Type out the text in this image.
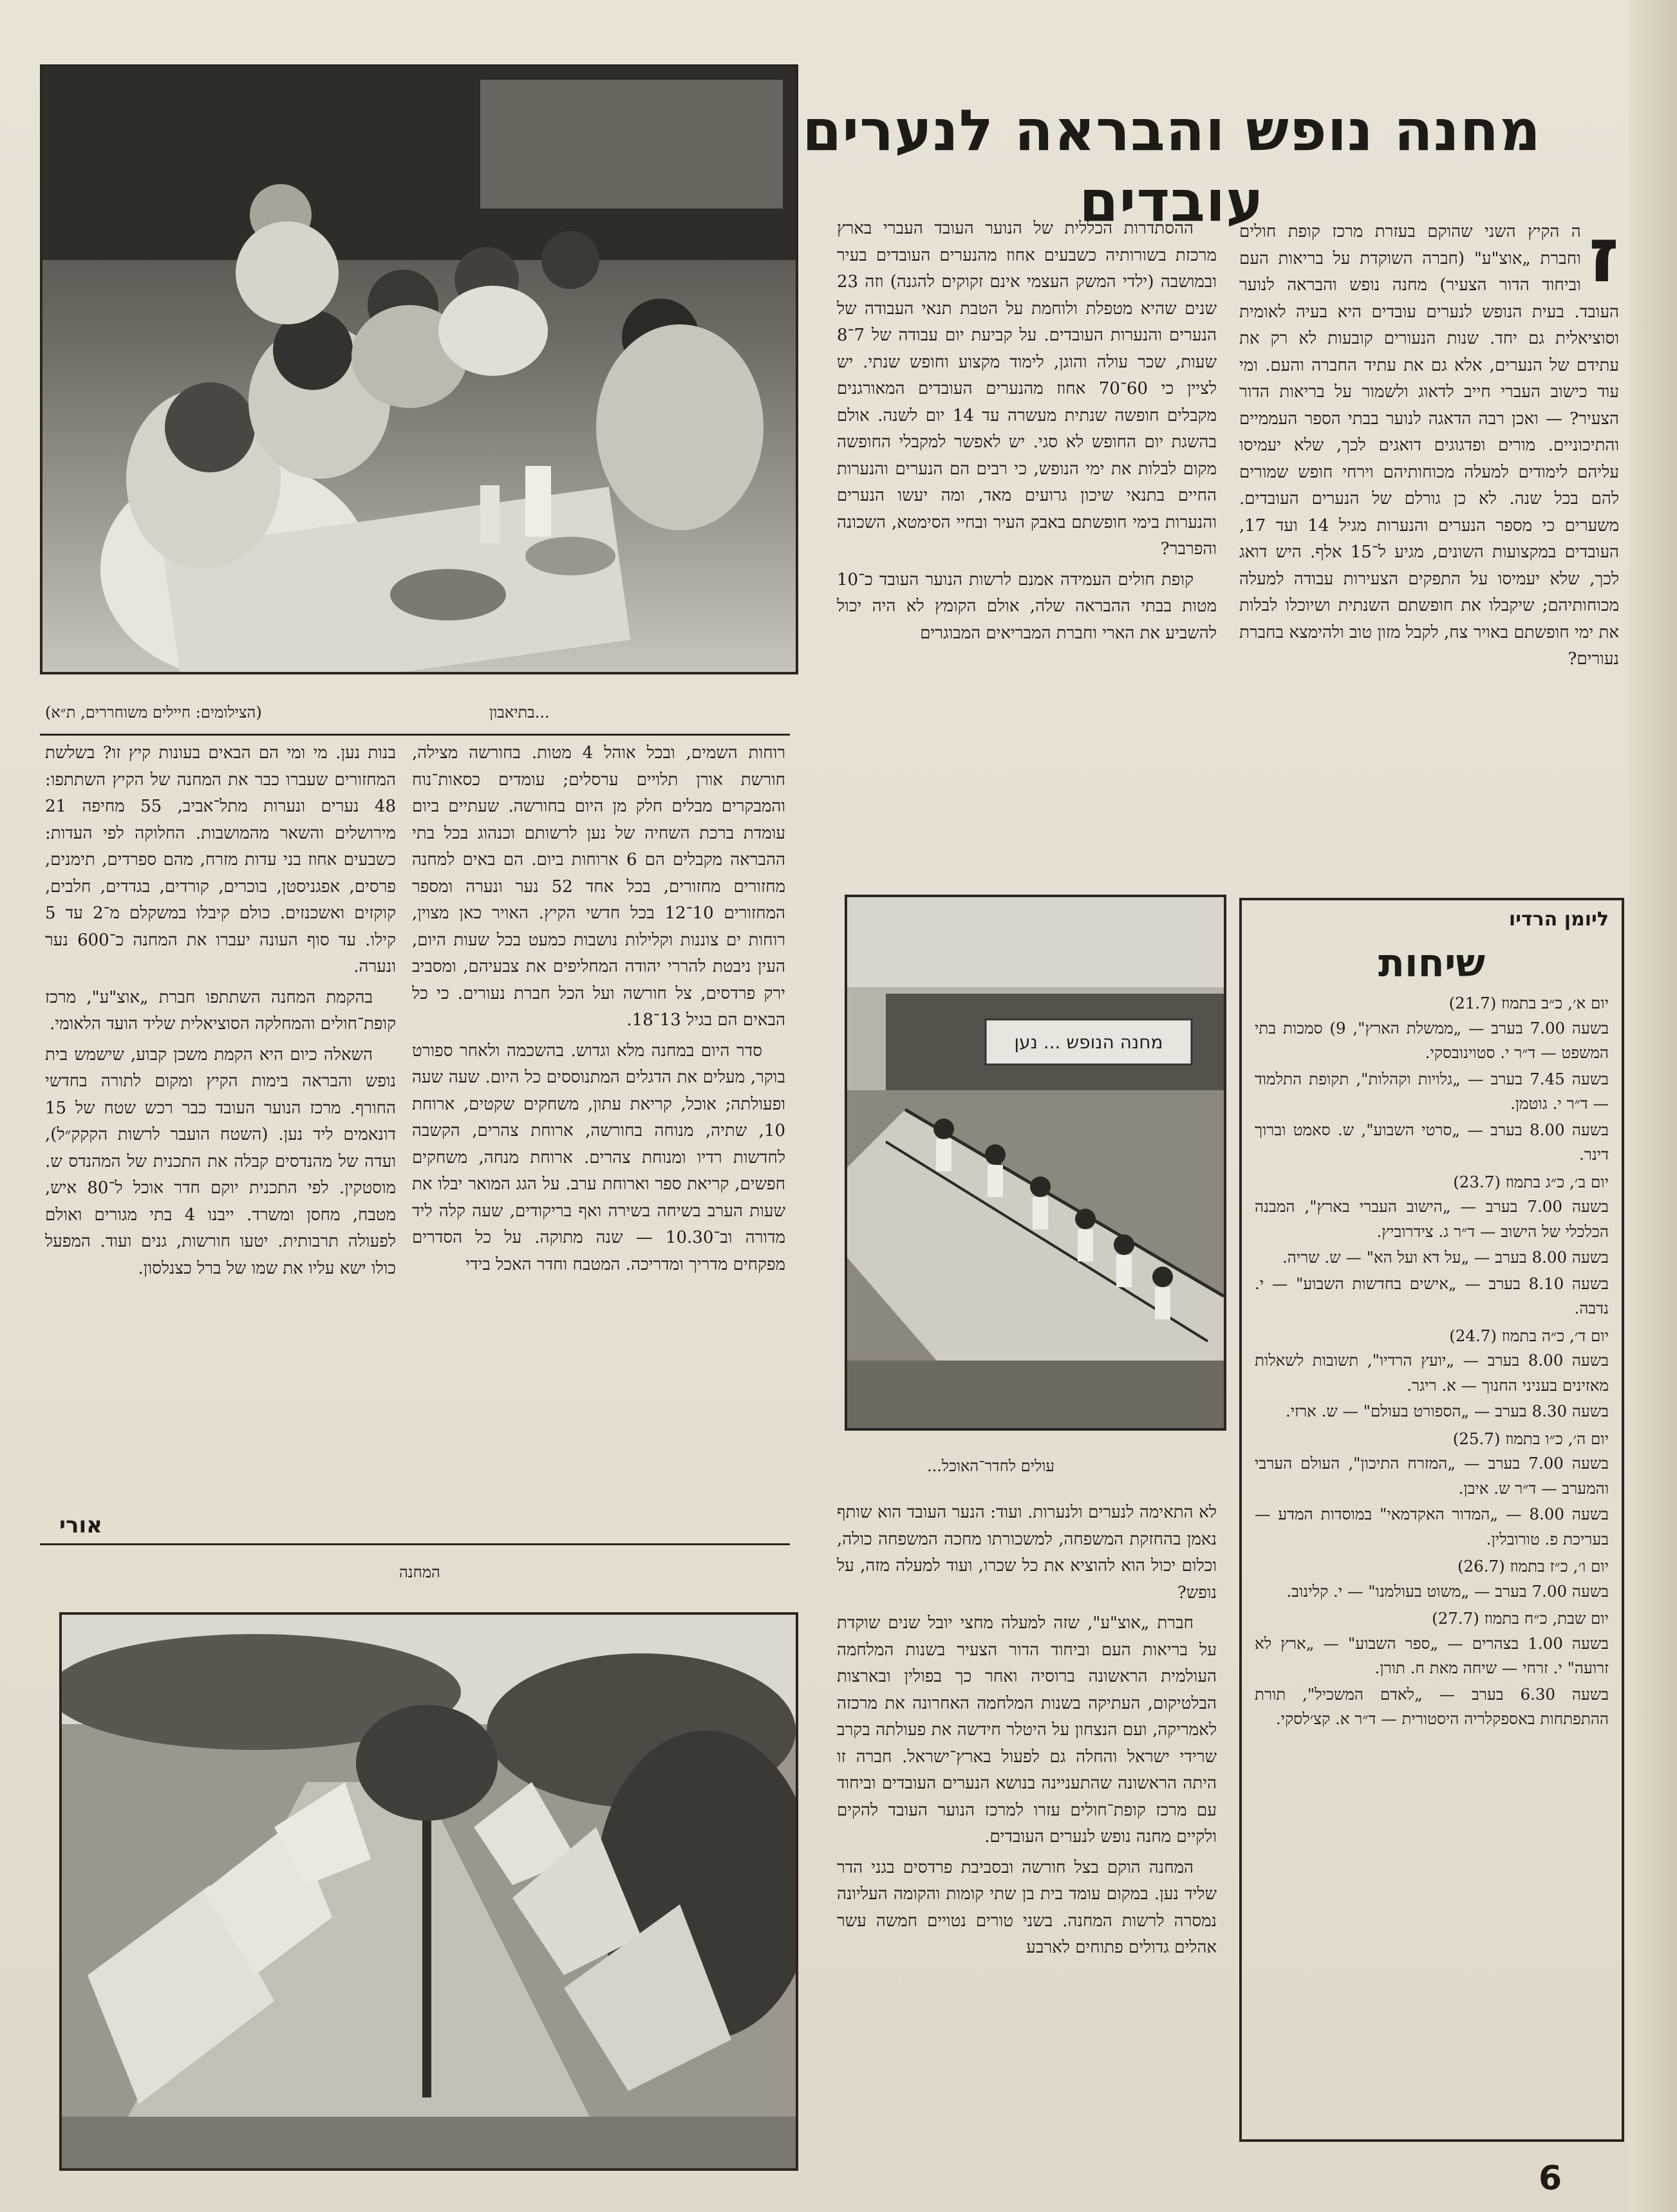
...בתיאבון
(הצילומים: חיילים משוחררים, ת״א)
מחנה נופש והבראה לנערים
עובדים
ז

ה הקיץ השני שהוקם בעזרת מרכז קופת חולים וחברת „אוצ"ע" (חברה השוקדת על בריאות העם וביחוד הדור הצעיר) מחנה נופש והבראה לנוער העובד. בעית הנופש לנערים עובדים היא בעיה לאומית וסוציאלית גם יחד. שנות הנעורים קובעות לא רק את עתידם של הנערים, אלא גם את עתיד החברה והעם. ומי עוד כישוב העברי חייב לדאוג ולשמור על בריאות הדור הצעיר? — ואכן רבה הדאגה לנוער בבתי הספר העממיים והתיכוניים. מורים ופדגוגים דואגים לכך, שלא יעמיסו עליהם לימודים למעלה מכוחותיהם וירחי חופש שמורים להם בכל שנה. לא כן גורלם של הנערים העובדים. משערים כי מספר הנערים והנערות מגיל 14 ועד 17, העובדים במקצועות השונים, מגיע ל־15 אלף. היש דואג לכך, שלא יעמיסו על התפקים הצעירות עבודה למעלה מכוחותיהם; שיקבלו את חופשתם השנתית ושיוכלו לבלות את ימי חופשתם באויר צח, לקבל מזון טוב ולהימצא בחברת נעורים?

ההסתדרות הכללית של הנוער העובד העברי בארץ מרכזת בשורותיה כשבעים אחוז מהנערים העובדים בעיר ובמושבה (ילדי המשק העצמי אינם זקוקים להגנה) וזה 23 שנים שהיא מטפלת ולוחמת על הטבת תנאי העבודה של הנערים והנערות העובדים. על קביעת יום עבודה של 7־8 שעות, שכר עולה והוגן, לימוד מקצוע וחופש שנתי. יש לציין כי 60־70 אחוז מהנערים העובדים המאורגנים מקבלים חופשה שנתית מעשרה עד 14 יום לשנה. אולם בהשגת יום החופש לא סגי. יש לאפשר למקבלי החופשה מקום לבלות את ימי הנופש, כי רבים הם הנערים והנערות החיים בתנאי שיכון גרועים מאד, ומה יעשו הנערים והנערות בימי חופשתם באבק העיר ובחיי הסימטא, השכונה והפרבר?

קופת חולים העמידה אמנם לרשות הנוער העובד כ־10 מטות בבתי ההבראה שלה, אולם הקומץ לא היה יכול להשביע את הארי וחברת המבריאים המבוגרים

מחנה הנופש ... נען
עולים לחדר־האוכל...

לא התאימה לנערים ולנערות. ועוד: הנער העובד הוא שותף נאמן בהחזקת המשפחה, למשכורתו מחכה המשפחה כולה, וכלום יכול הוא להוציא את כל שכרו, ועוד למעלה מזה, על נופש?

חברת „אוצ"ע", שזה למעלה מחצי יובל שנים שוקדת על בריאות העם וביחוד הדור הצעיר בשנות המלחמה העולמית הראשונה ברוסיה ואחר כך בפולין ובארצות הבלטיקום, העתיקה בשנות המלחמה האחרונה את מרכזה לאמריקה, ועם הנצחון על היטלר חידשה את פעולתה בקרב שרידי ישראל והחלה גם לפעול בארץ־ישראל. חברה זו היתה הראשונה שהתעניינה בנושא הנערים העובדים וביחוד עם מרכז קופת־חולים עזרו למרכז הנוער העובד להקים ולקיים מחנה נופש לנערים העובדים.

המחנה הוקם בצל חורשה ובסביבת פרדסים בגני הדר שליד נען. במקום עומד בית בן שתי קומות והקומה העליונה נמסרה לרשות המחנה. בשני טורים נטויים חמשה עשר אהלים גדולים פתוחים לארבע

רוחות השמים, ובכל אוהל 4 מטות. בחורשה מצילה, חורשת אורן תלויים ערסלים; עומדים כסאות־נוח והמבקרים מבלים חלק מן היום בחורשה. שעתיים ביום עומדת ברכת השחיה של נען לרשותם וכנהוג בכל בתי ההבראה מקבלים הם 6 ארוחות ביום. הם באים למחנה מחזורים מחזורים, בכל אחד 52 נער ונערה ומספר המחזורים 10־12 בכל חדשי הקיץ. האויר כאן מצוין, רוחות ים צוננות וקלילות נושבות כמעט בכל שעות היום, העין ניבטת להררי יהודה המחליפים את צבעיהם, ומסביב ירק פרדסים, צל חורשה ועל הכל חברת נעורים. כי כל הבאים הם בגיל 13־18.

סדר היום במחנה מלא וגדוש. בהשכמה ולאחר ספורט בוקר, מעלים את הדגלים המתנוססים כל היום. שעה שעה ופעולתה; אוכל, קריאת עתון, משחקים שקטים, ארוחת 10, שתיה, מנוחה בחורשה, ארוחת צהרים, הקשבה לחדשות רדיו ומנוחת צהרים. ארוחת מנחה, משחקים חפשים, קריאת ספר וארוחת ערב. על הגג המואר יבלו את שעות הערב בשיחה בשירה ואף בריקודים, שעה קלה ליד מדורה וב־10.30 — שנה מתוקה. על כל הסדרים מפקחים מדריך ומדריכה. המטבח וחדר האכל בידי

בנות נען. מי ומי הם הבאים בעונות קיץ זו? בשלשת המחזורים שעברו כבר את המחנה של הקיץ השתתפו: 48 נערים ונערות מתל־אביב, 55 מחיפה 21 מירושלים והשאר מהמושבות. החלוקה לפי העדות: כשבעים אחוז בני עדות מזרח, מהם ספרדים, תימנים, פרסים, אפגניסטן, בוכרים, קורדים, בגדדים, חלבים, קוקזים ואשכנזים. כולם קיבלו במשקלם מ־2 עד 5 קילו. עד סוף העונה יעברו את המחנה כ־600 נער ונערה.

בהקמת המחנה השתתפו חברת „אוצ"ע", מרכז קופת־חולים והמחלקה הסוציאלית שליד הועד הלאומי.

השאלה כיום היא הקמת משכן קבוע, שישמש בית נופש והבראה בימות הקיץ ומקום לתורה בחדשי החורף. מרכז הנוער העובד כבר רכש שטח של 15 דונאמים ליד נען. (השטח הועבר לרשות הקקק״ל), ועדה של מהנדסים קבלה את התכנית של המהנדס ש. מוסטקין. לפי התכנית יוקם חדר אוכל ל־80 איש, מטבח, מחסן ומשרד. ייבנו 4 בתי מגורים ואולם לפעולה תרבותית. יטעו חורשות, גנים ועוד. המפעל כולו ישא עליו את שמו של ברל כצנלסון.

אורי
המחנה
ליומן הרדיו
שיחות
יום א׳, כ״ב בתמוז (21.7)
בשעה 7.00 בערב — „ממשלת הארץ", 9) סמכות בתי המשפט — ד״ר י. סטוינובסקי.
בשעה 7.45 בערב — „גלויות וקהלות", תקופת התלמוד — ד״ר י. גוטמן.
בשעה 8.00 בערב — „סרטי השבוע", ש. סאמט וברוך דינר.
יום ב׳, כ״ג בתמוז (23.7)
בשעה 7.00 בערב — „הישוב העברי בארץ", המבנה הכלכלי של הישוב — ד״ר ג. צידרוביץ.
בשעה 8.00 בערב — „על דא ועל הא" — ש. שריה.
בשעה 8.10 בערב — „אישים בחדשות השבוע" — י. נדבה.
יום ד׳, כ״ה בתמוז (24.7)
בשעה 8.00 בערב — „יועץ הרדיו", תשובות לשאלות מאזינים בעניני החנוך — א. ריגר.
בשעה 8.30 בערב — „הספורט בעולם" — ש. ארזי.
יום ה׳, כ״ו בתמוז (25.7)
בשעה 7.00 בערב — „המזרח התיכון", העולם הערבי והמערב — ד״ר ש. איבן.
בשעה 8.00 — „המדור האקדמאי" במוסדות המדע — בעריכת פ. טורובלין.
יום ו׳, כ״ז בתמוז (26.7)
בשעה 7.00 בערב — „משוט בעולמנו" — י. קלינוב.
יום שבת, כ״ח בתמוז (27.7)
בשעה 1.00 בצהרים — „ספר השבוע" — „ארץ לא זרועה" י. זרחי — שיחה מאת ח. תורן.
בשעה 6.30 בערב — „לאדם המשכיל", תורת ההתפתחות באספקלריה היסטורית — ד״ר א. קצ׳לסקי.
6
